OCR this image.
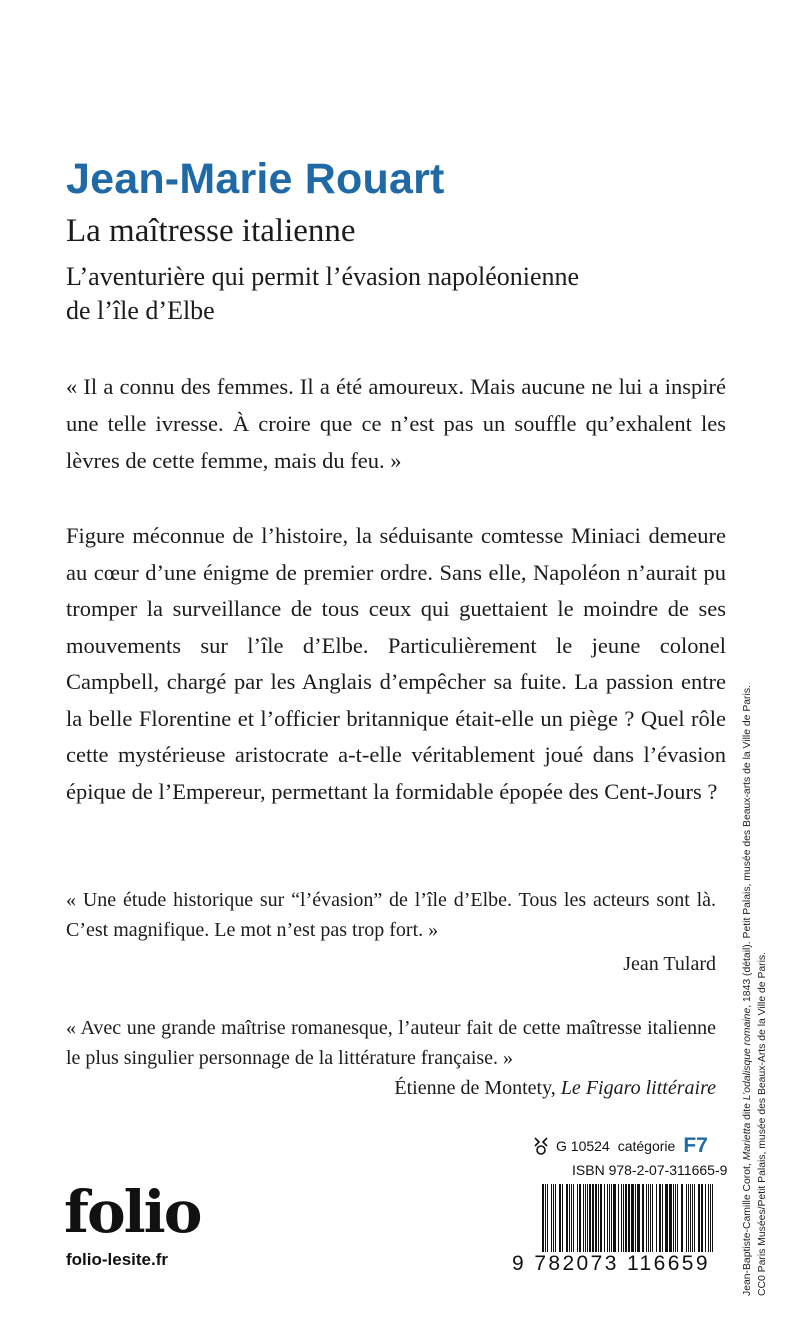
Jean-Marie Rouart
La maîtresse italienne
L’aventurière qui permit l’évasion napoléonienne
de l’île d’Elbe
« Il a connu des femmes. Il a été amoureux. Mais aucune ne lui a inspiré une telle ivresse. À croire que ce n’est pas un souffle qu’exhalent les lèvres de cette femme, mais du feu. »
Figure méconnue de l’histoire, la séduisante comtesse Miniaci demeure au cœur d’une énigme de premier ordre. Sans elle, Napoléon n’aurait pu tromper la surveillance de tous ceux qui guettaient le moindre de ses mouvements sur l’île d’Elbe. Particulièrement le jeune colonel Campbell, chargé par les Anglais d’empêcher sa fuite. La passion entre la belle Florentine et l’officier britannique était-elle un piège ? Quel rôle cette mystérieuse aristocrate a-t-elle véritablement joué dans l’évasion épique de l’Empereur, permettant la formidable épopée des Cent-Jours ?
« Une étude historique sur “l’évasion” de l’île d’Elbe. Tous les acteurs sont là. C’est magnifique. Le mot n’est pas trop fort. »
Jean Tulard
« Avec une grande maîtrise romanesque, l’auteur fait de cette maîtresse italienne le plus singulier personnage de la littérature française. »
Étienne de Montety, Le Figaro littéraire
folio
folio-lesite.fr
G 10524 catégorie F7
ISBN 978-2-07-311665-9
9 782073 116659	Jean-Baptiste-Camille Corot, Marietta dite L’odalisque romaine, 1843 (détail). Petit Palais, musée des Beaux-arts de la Ville de Paris.
CC0 Paris Musées/Petit Palais, musée des Beaux-Arts de la Ville de Paris.
